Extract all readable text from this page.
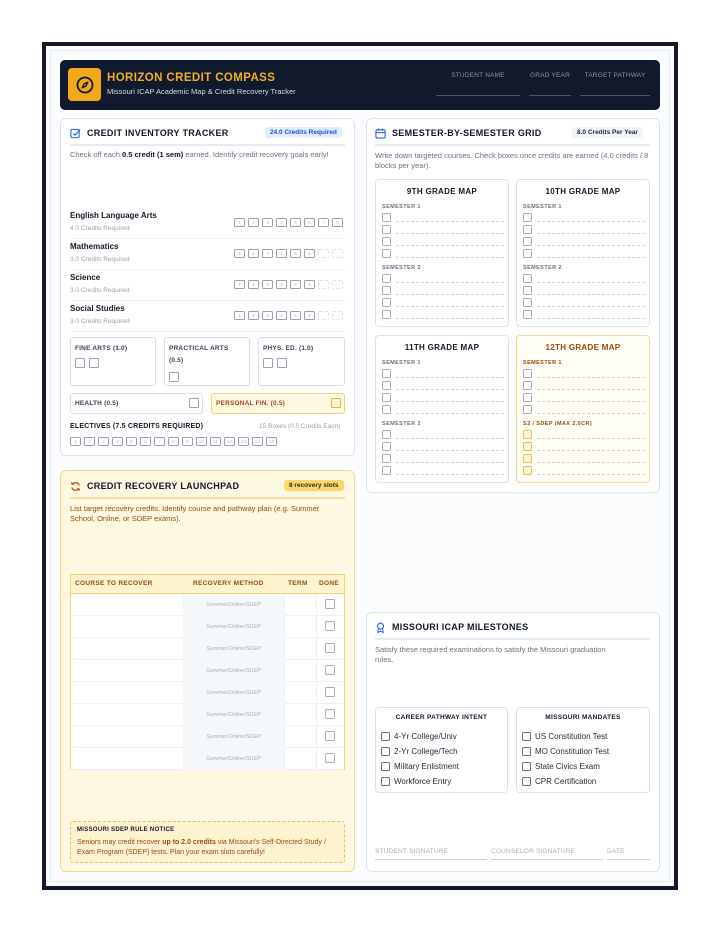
HORIZON CREDIT COMPASS
Missouri ICAP Academic Map & Credit Recovery Tracker
STUDENT NAME	GRAD YEAR	TARGET PATHWAY
CREDIT INVENTORY TRACKER	24.0 Credits Required
Check off each 0.5 credit (1 sem) earned. Identify credit recovery goals early!
English Language Arts
4.0 Credits Required
1	2	3	4	5	6	7	8
Mathematics
3.0 Credits Required
1	2	3	4	5	6
Science
3.0 Credits Required
1	2	3	4	5	6
Social Studies
3.0 Credits Required
1	2	3	4	5	6
FINE ARTS (1.0)	PRACTICAL ARTS (0.5)
PHYS. ED. (1.0)
HEALTH (0.5)	PERSONAL FIN. (0.5)
ELECTIVES (7.5 CREDITS REQUIRED)	15 Boxes (0.5 Credits Each)
1	2	3	4	5	6	7	8	9	10	11	12	13	14	15
SEMESTER-BY-SEMESTER GRID	8.0 Credits Per Year
Write down targeted courses. Check boxes once credits are earned (4.0 credits / 8 blocks per year).
9TH GRADE MAP
SEMESTER 1
SEMESTER 2
10TH GRADE MAP
SEMESTER 1
SEMESTER 2
11TH GRADE MAP
SEMESTER 1
SEMESTER 2
12TH GRADE MAP
SEMESTER 1
S2 / SDEP (MAX 2.0CR)
CREDIT RECOVERY LAUNCHPAD	8 recovery slots
List target recovery credits. Identify course and pathway plan (e.g. Summer School, Online, or SDEP exams).
COURSE TO RECOVER	RECOVERY METHOD	TERM DONE
Summer/Online/SDEP
Summer/Online/SDEP
Summer/Online/SDEP
Summer/Online/SDEP
Summer/Online/SDEP
Summer/Online/SDEP
Summer/Online/SDEP
Summer/Online/SDEP
MISSOURI SDEP RULE NOTICE
Seniors may credit recover up to 2.0 credits via Missouri's Self-Directed Study / Exam Program (SDEP) tests. Plan your exam slots carefully!
MISSOURI ICAP MILESTONES
Satisfy these required examinations to satisfy the Missouri graduation rules.
CAREER PATHWAY INTENT
4-Yr College/Univ
2-Yr College/Tech
Military Enlistment
Workforce Entry
MISSOURI MANDATES
US Constitution Test
MO Constitution Test
State Civics Exam
CPR Certification
STUDENT SIGNATURE	COUNSELOR SIGNATURE	DATE
